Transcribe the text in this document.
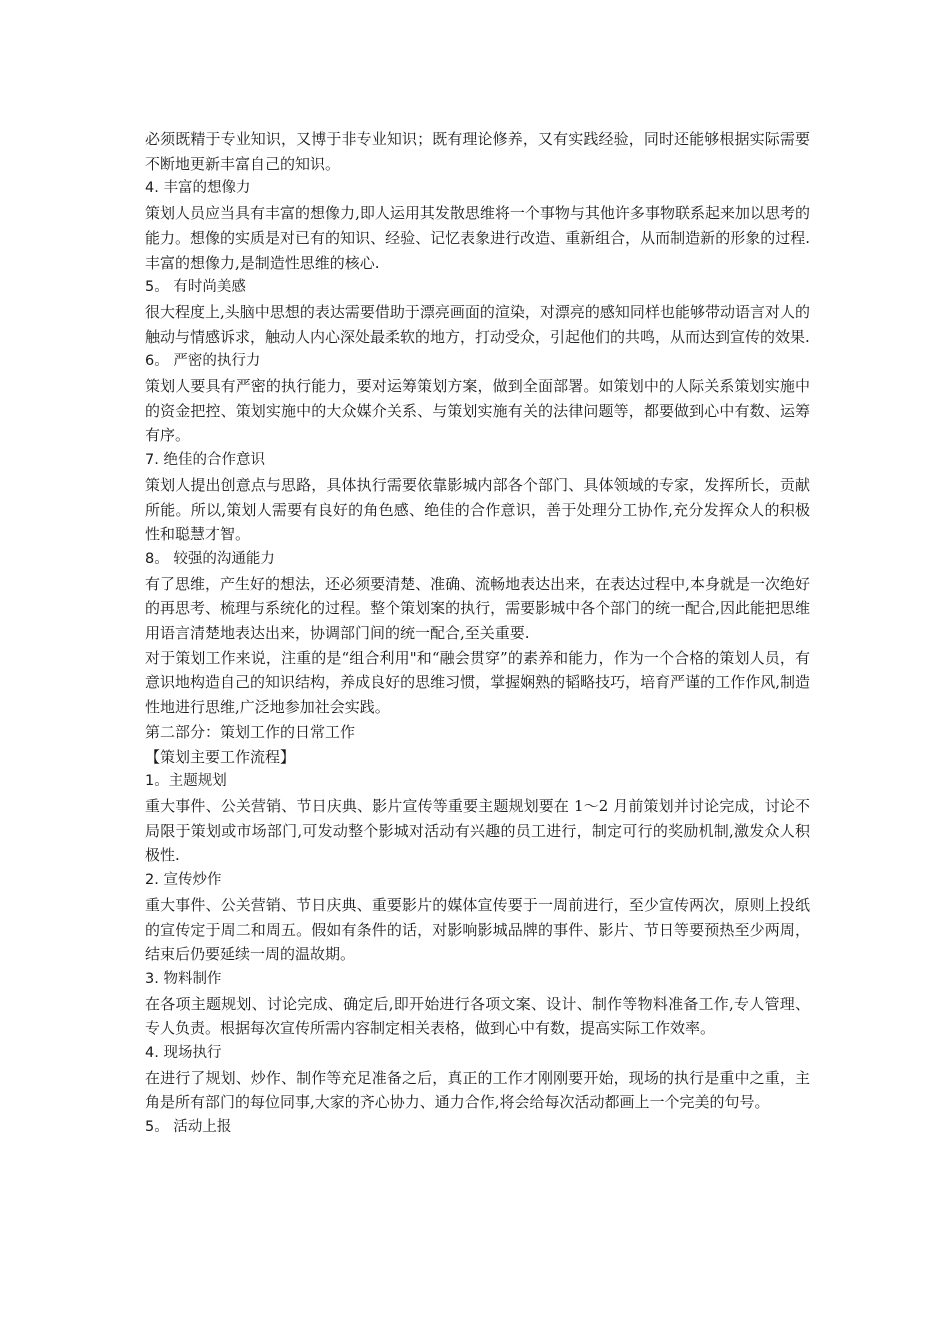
必须既精于专业知识，又博于非专业知识；既有理论修养，又有实践经验，同时还能够根据实际需要不断地更新丰富自己的知识。

4. 丰富的想像力

策划人员应当具有丰富的想像力,即人运用其发散思维将一个事物与其他许多事物联系起来加以思考的能力。想像的实质是对已有的知识、经验、记忆表象进行改造、重新组合，从而制造新的形象的过程.丰富的想像力,是制造性思维的核心.

5。 有时尚美感

很大程度上,头脑中思想的表达需要借助于漂亮画面的渲染，对漂亮的感知同样也能够带动语言对人的触动与情感诉求，触动人内心深处最柔软的地方，打动受众，引起他们的共鸣，从而达到宣传的效果.

6。 严密的执行力

策划人要具有严密的执行能力，要对运筹策划方案，做到全面部署。如策划中的人际关系策划实施中的资金把控、策划实施中的大众媒介关系、与策划实施有关的法律问题等，都要做到心中有数、运筹有序。

7. 绝佳的合作意识

策划人提出创意点与思路，具体执行需要依靠影城内部各个部门、具体领域的专家，发挥所长，贡献所能。所以,策划人需要有良好的角色感、绝佳的合作意识，善于处理分工协作,充分发挥众人的积极性和聪慧才智。

8。 较强的沟通能力

有了思维，产生好的想法，还必须要清楚、准确、流畅地表达出来，在表达过程中,本身就是一次绝好的再思考、梳理与系统化的过程。整个策划案的执行，需要影城中各个部门的统一配合,因此能把思维用语言清楚地表达出来，协调部门间的统一配合,至关重要.

对于策划工作来说，注重的是“组合利用"和“融会贯穿”的素养和能力，作为一个合格的策划人员，有意识地构造自己的知识结构，养成良好的思维习惯，掌握娴熟的韬略技巧，培育严谨的工作作风,制造性地进行思维,广泛地参加社会实践。

第二部分：策划工作的日常工作

【策划主要工作流程】

1。主题规划

重大事件、公关营销、节日庆典、影片宣传等重要主题规划要在 1～2 月前策划并讨论完成，讨论不局限于策划或市场部门,可发动整个影城对活动有兴趣的员工进行，制定可行的奖励机制,激发众人积极性.

2. 宣传炒作

重大事件、公关营销、节日庆典、重要影片的媒体宣传要于一周前进行，至少宣传两次，原则上投纸的宣传定于周二和周五。假如有条件的话，对影响影城品牌的事件、影片、节日等要预热至少两周，结束后仍要延续一周的温故期。

3. 物料制作

在各项主题规划、讨论完成、确定后,即开始进行各项文案、设计、制作等物料准备工作,专人管理、专人负责。根据每次宣传所需内容制定相关表格，做到心中有数，提高实际工作效率。

4. 现场执行

在进行了规划、炒作、制作等充足准备之后，真正的工作才刚刚要开始，现场的执行是重中之重，主角是所有部门的每位同事,大家的齐心协力、通力合作,将会给每次活动都画上一个完美的句号。

5。 活动上报
